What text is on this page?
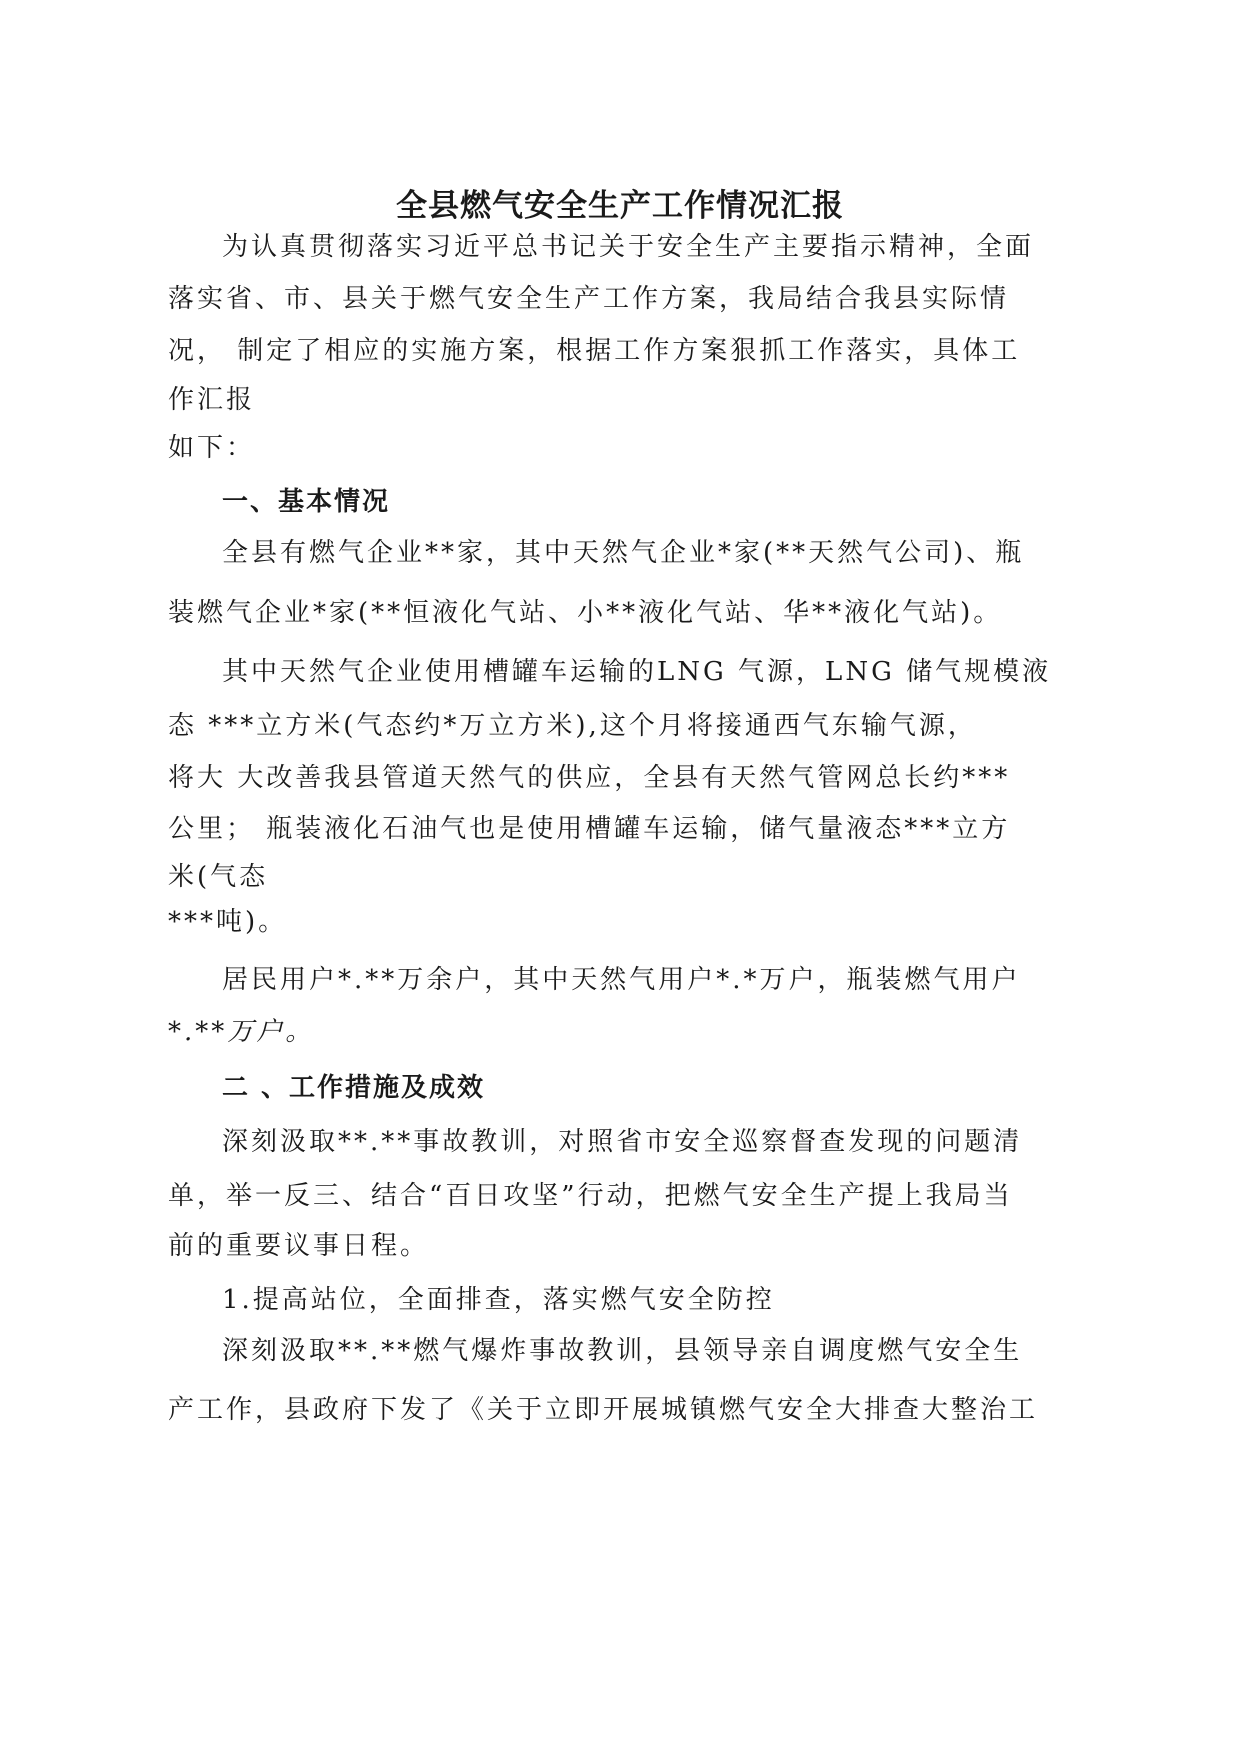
全县燃气安全生产工作情况汇报
为认真贯彻落实习近平总书记关于安全生产主要指示精神，全面
落实省、市、县关于燃气安全生产工作方案，我局结合我县实际情
况， 制定了相应的实施方案，根据工作方案狠抓工作落实，具体工
作汇报
如下：
一、基本情况
全县有燃气企业**家，其中天然气企业*家(**天然气公司)、瓶
装燃气企业*家(**恒液化气站、小**液化气站、华**液化气站)。
其中天然气企业使用槽罐车运输的LNG 气源，LNG 储气规模液
态 ***立方米(气态约*万立方米),这个月将接通西气东输气源，
将大 大改善我县管道天然气的供应，全县有天然气管网总长约***
公里； 瓶装液化石油气也是使用槽罐车运输，储气量液态***立方
米(气态
***吨)。
居民用户*.**万余户，其中天然气用户*.*万户，瓶装燃气用户
*.**万户。
二 、工作措施及成效
深刻汲取**.**事故教训，对照省市安全巡察督查发现的问题清
单，举一反三、结合“百日攻坚”行动，把燃气安全生产提上我局当
前的重要议事日程。
1.提高站位，全面排查，落实燃气安全防控
深刻汲取**.**燃气爆炸事故教训，县领导亲自调度燃气安全生
产工作，县政府下发了《关于立即开展城镇燃气安全大排查大整治工
